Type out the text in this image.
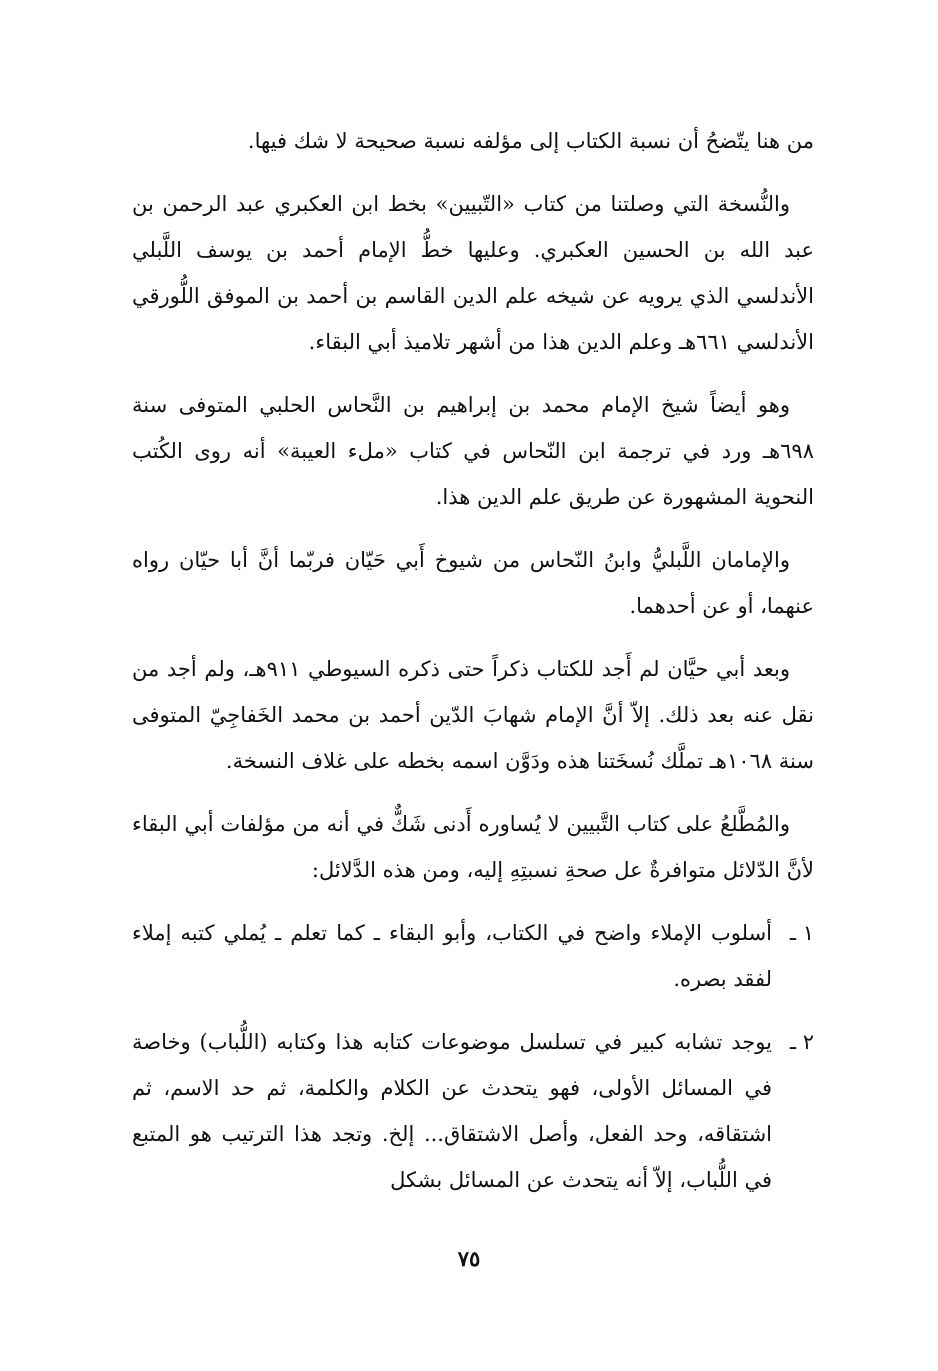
من هنا يتّضحُ أن نسبة الكتاب إلى مؤلفه نسبة صحيحة لا شك فيها.

والنُّسخة التي وصلتنا من كتاب «التّبيين» بخط ابن العكبري عبد الرحمن بن عبد الله بن الحسين العكبري. وعليها خطُّ الإمام أحمد بن يوسف اللَّبلي الأندلسي الذي يرويه عن شيخه علم الدين القاسم بن أحمد بن الموفق اللُّورقي الأندلسي ٦٦١هـ وعلم الدين هذا من أشهر تلاميذ أبي البقاء.

وهو أيضاً شيخ الإمام محمد بن إبراهيم بن النَّحاس الحلبي المتوفى سنة ٦٩٨هـ ورد في ترجمة ابن النّحاس في كتاب «ملء العيبة» أنه روى الكُتب النحوية المشهورة عن طريق علم الدين هذا.

والإمامان اللَّبليُّ وابنُ النّحاس من شيوخ أَبي حَيّان فربّما أنَّ أبا حيّان رواه عنهما، أو عن أحدهما.

وبعد أبي حيَّان لم أَجد للكتاب ذكراً حتى ذكره السيوطي ٩١١هـ، ولم أجد من نقل عنه بعد ذلك. إلاّ أنَّ الإمام شهابَ الدّين أحمد بن محمد الخَفاجِيّ المتوفى سنة ١٠٦٨هـ تملَّك نُسخَتنا هذه ودَوَّن اسمه بخطه على غلاف النسخة.

والمُطَّلعُ على كتاب التَّبيين لا يُساوره أَدنى شَكٌّ في أنه من مؤلفات أبي البقاء لأنَّ الدّلائل متوافرةٌ عل صحةِ نسبتِهِ إليه، ومن هذه الدَّلائل:

١ ـ
أسلوب الإملاء واضح في الكتاب، وأبو البقاء ـ كما تعلم ـ يُملي كتبه إملاء لفقد بصره.
٢ ـ
يوجد تشابه كبير في تسلسل موضوعات كتابه هذا وكتابه (اللُّباب) وخاصة في المسائل الأولى، فهو يتحدث عن الكلام والكلمة، ثم حد الاسم، ثم اشتقاقه، وحد الفعل، وأصل الاشتقاق... إلخ. وتجد هذا الترتيب هو المتبع في اللُّباب، إلاّ أنه يتحدث عن المسائل بشكل
٧٥
